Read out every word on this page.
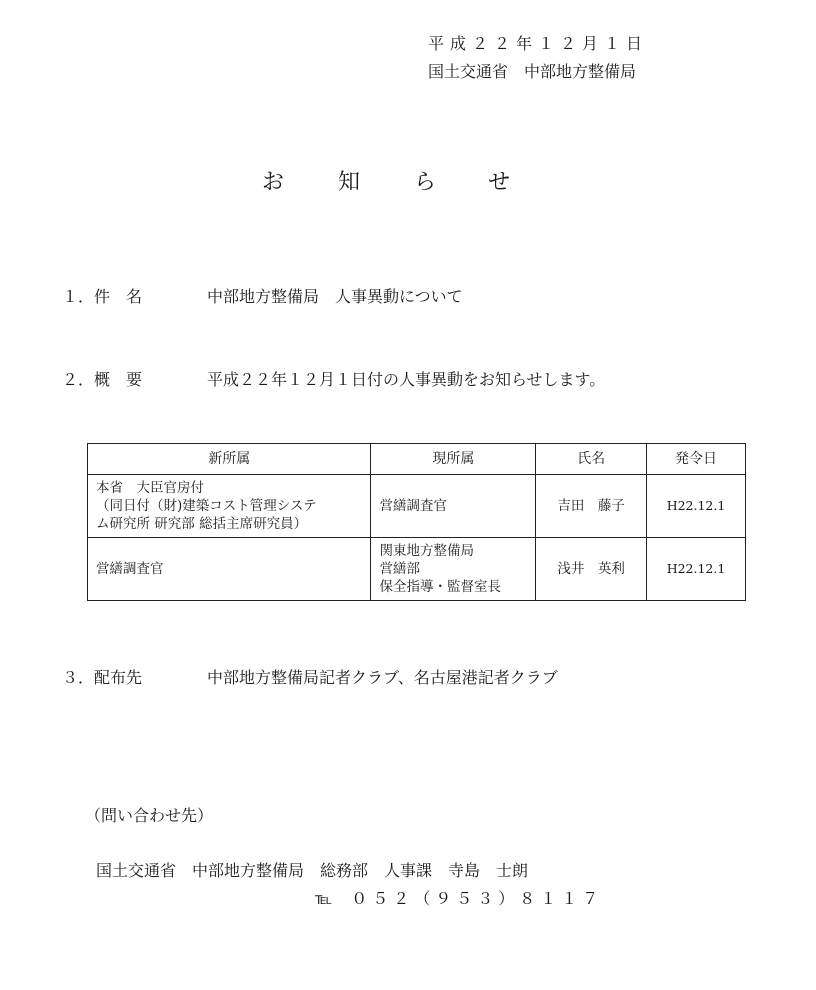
平成２２年１２月１日
国土交通省　中部地方整備局
お 知 ら せ
１．件　名	中部地方整備局　人事異動について
２．概　要	平成２２年１２月１日付の人事異動をお知らせします。
新所属	現所属	氏名	発令日

本省　大臣官房付
（同日付（財)建築コスト管理システ
ム研究所 研究部 総括主席研究員）	営繕調査官	吉田　藤子	H22.12.1

営繕調査官	関東地方整備局
営繕部
保全指導・監督室長	浅井　英利	H22.12.1
３．配布先	中部地方整備局記者クラブ、名古屋港記者クラブ
（問い合わせ先）
国土交通省　中部地方整備局　総務部　人事課　寺島　士朗
℡ ０５２（９５３）８１１７
